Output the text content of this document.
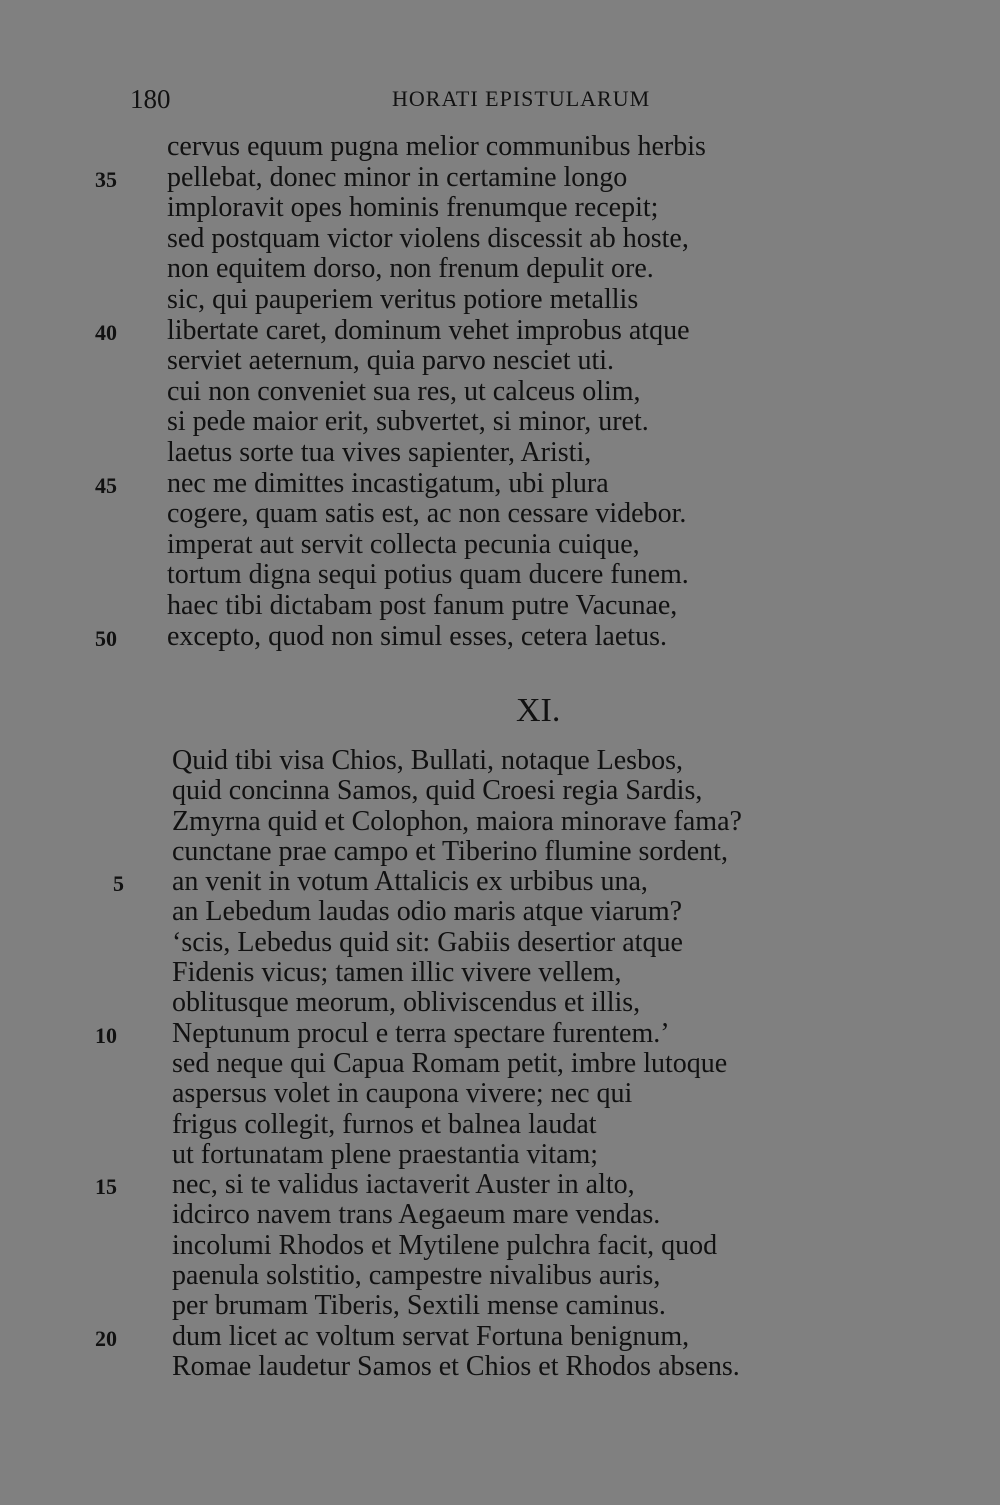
180	HORATI EPISTULARUM
cervus equum pugna melior communibus herbis
35	pellebat, donec minor in certamine longo
imploravit opes hominis frenumque recepit;
sed postquam victor violens discessit ab hoste,
non equitem dorso, non frenum depulit ore.
sic, qui pauperiem veritus potiore metallis
40	libertate caret, dominum vehet improbus atque
serviet aeternum, quia parvo nesciet uti.
cui non conveniet sua res, ut calceus olim,
si pede maior erit, subvertet, si minor, uret.
laetus sorte tua vives sapienter, Aristi,
45	nec me dimittes incastigatum, ubi plura
cogere, quam satis est, ac non cessare videbor.
imperat aut servit collecta pecunia cuique,
tortum digna sequi potius quam ducere funem.
haec tibi dictabam post fanum putre Vacunae,
50	excepto, quod non simul esses, cetera laetus.
XI.
Quid tibi visa Chios, Bullati, notaque Lesbos,
quid concinna Samos, quid Croesi regia Sardis,
Zmyrna quid et Colophon, maiora minorave fama?
cunctane prae campo et Tiberino flumine sordent,
5	an venit in votum Attalicis ex urbibus una,
an Lebedum laudas odio maris atque viarum?
‘scis, Lebedus quid sit: Gabiis desertior atque
Fidenis vicus; tamen illic vivere vellem,
oblitusque meorum, obliviscendus et illis,
10	Neptunum procul e terra spectare furentem.’
sed neque qui Capua Romam petit, imbre lutoque
aspersus volet in caupona vivere; nec qui
frigus collegit, furnos et balnea laudat
ut fortunatam plene praestantia vitam;
15	nec, si te validus iactaverit Auster in alto,
idcirco navem trans Aegaeum mare vendas.
incolumi Rhodos et Mytilene pulchra facit, quod
paenula solstitio, campestre nivalibus auris,
per brumam Tiberis, Sextili mense caminus.
20	dum licet ac voltum servat Fortuna benignum,
Romae laudetur Samos et Chios et Rhodos absens.
